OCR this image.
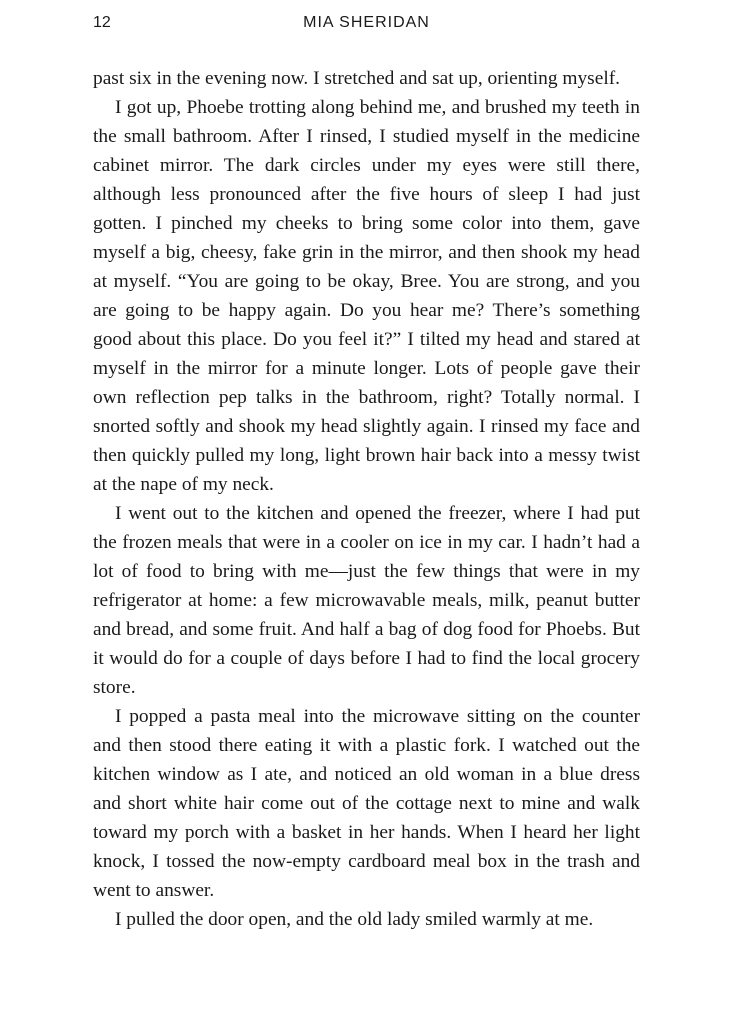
12	MIA SHERIDAN

past six in the evening now. I stretched and sat up, orienting myself.

I got up, Phoebe trotting along behind me, and brushed my teeth in the small bathroom. After I rinsed, I studied myself in the medicine cabinet mirror. The dark circles under my eyes were still there, although less pronounced after the five hours of sleep I had just gotten. I pinched my cheeks to bring some color into them, gave myself a big, cheesy, fake grin in the mirror, and then shook my head at myself. “You are going to be okay, Bree. You are strong, and you are going to be happy again. Do you hear me? There’s something good about this place. Do you feel it?” I tilted my head and stared at myself in the mirror for a minute longer. Lots of people gave their own reflection pep talks in the bathroom, right? Totally normal. I snorted softly and shook my head slightly again. I rinsed my face and then quickly pulled my long, light brown hair back into a messy twist at the nape of my neck.

I went out to the kitchen and opened the freezer, where I had put the frozen meals that were in a cooler on ice in my car. I hadn’t had a lot of food to bring with me—just the few things that were in my refrigerator at home: a few microwavable meals, milk, peanut butter and bread, and some fruit. And half a bag of dog food for Phoebs. But it would do for a couple of days before I had to find the local grocery store.

I popped a pasta meal into the microwave sitting on the counter and then stood there eating it with a plastic fork. I watched out the kitchen window as I ate, and noticed an old woman in a blue dress and short white hair come out of the cottage next to mine and walk toward my porch with a basket in her hands. When I heard her light knock, I tossed the now-empty cardboard meal box in the trash and went to answer.

I pulled the door open, and the old lady smiled warmly at me.
